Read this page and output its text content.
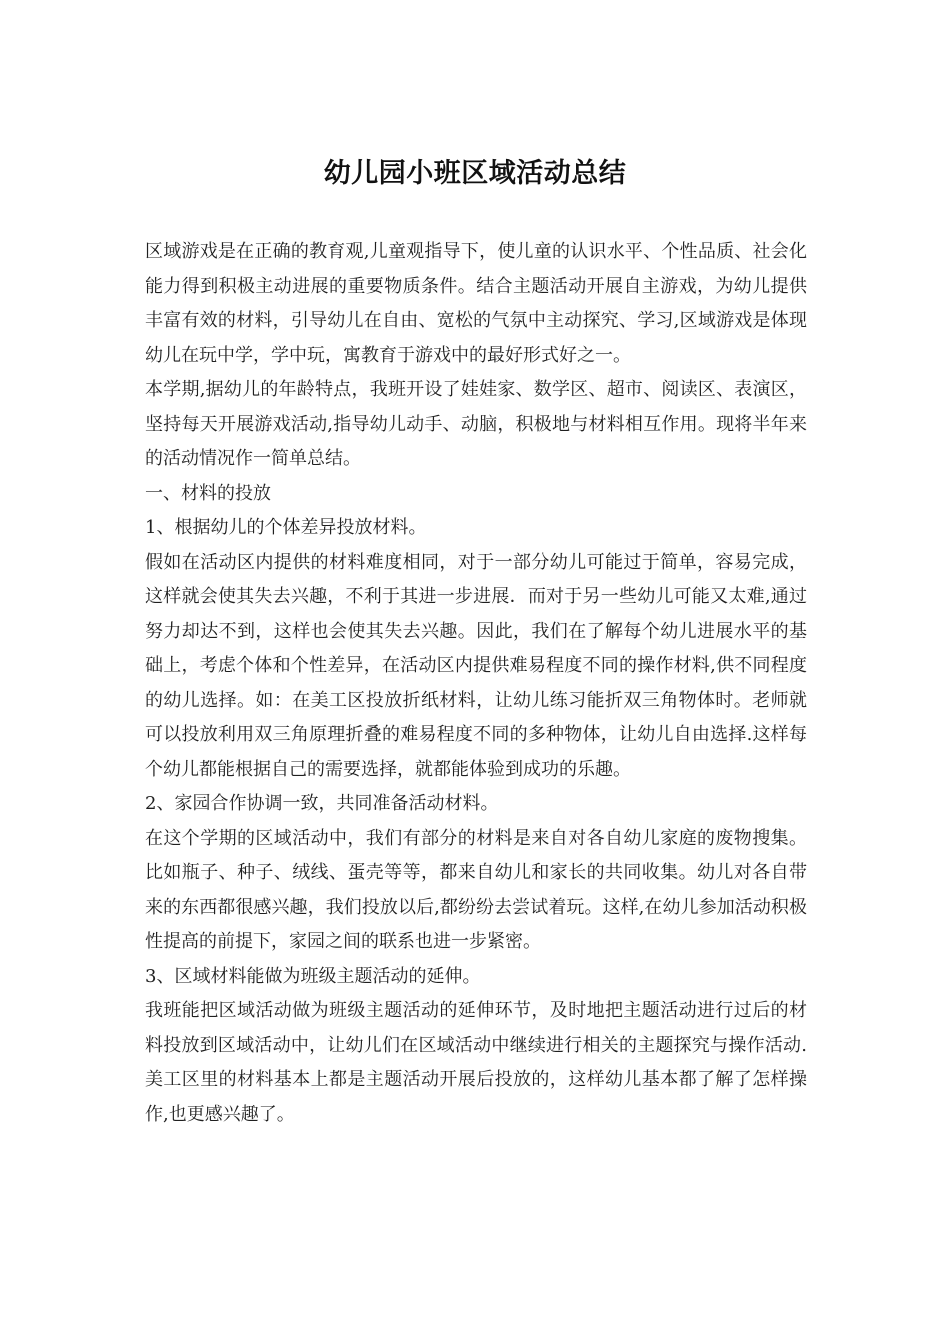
幼儿园小班区域活动总结

区域游戏是在正确的教育观,儿童观指导下，使儿童的认识水平、个性品质、社会化能力得到积极主动进展的重要物质条件。结合主题活动开展自主游戏，为幼儿提供丰富有效的材料，引导幼儿在自由、宽松的气氛中主动探究、学习,区域游戏是体现幼儿在玩中学，学中玩，寓教育于游戏中的最好形式好之一。

本学期,据幼儿的年龄特点，我班开设了娃娃家、数学区、超市、阅读区、表演区，坚持每天开展游戏活动,指导幼儿动手、动脑，积极地与材料相互作用。现将半年来的活动情况作一简单总结。

一、材料的投放

1、根据幼儿的个体差异投放材料。

假如在活动区内提供的材料难度相同，对于一部分幼儿可能过于简单，容易完成，这样就会使其失去兴趣，不利于其进一步进展．而对于另一些幼儿可能又太难,通过努力却达不到，这样也会使其失去兴趣。因此，我们在了解每个幼儿进展水平的基础上，考虑个体和个性差异，在活动区内提供难易程度不同的操作材料,供不同程度的幼儿选择。如：在美工区投放折纸材料，让幼儿练习能折双三角物体时。老师就可以投放利用双三角原理折叠的难易程度不同的多种物体，让幼儿自由选择.这样每个幼儿都能根据自己的需要选择，就都能体验到成功的乐趣。

2、家园合作协调一致，共同准备活动材料。

在这个学期的区域活动中，我们有部分的材料是来自对各自幼儿家庭的废物搜集。比如瓶子、种子、绒线、蛋壳等等，都来自幼儿和家长的共同收集。幼儿对各自带来的东西都很感兴趣，我们投放以后,都纷纷去尝试着玩。这样,在幼儿参加活动积极性提高的前提下，家园之间的联系也进一步紧密。

3、区域材料能做为班级主题活动的延伸。

我班能把区域活动做为班级主题活动的延伸环节，及时地把主题活动进行过后的材料投放到区域活动中，让幼儿们在区域活动中继续进行相关的主题探究与操作活动.美工区里的材料基本上都是主题活动开展后投放的，这样幼儿基本都了解了怎样操作,也更感兴趣了。
